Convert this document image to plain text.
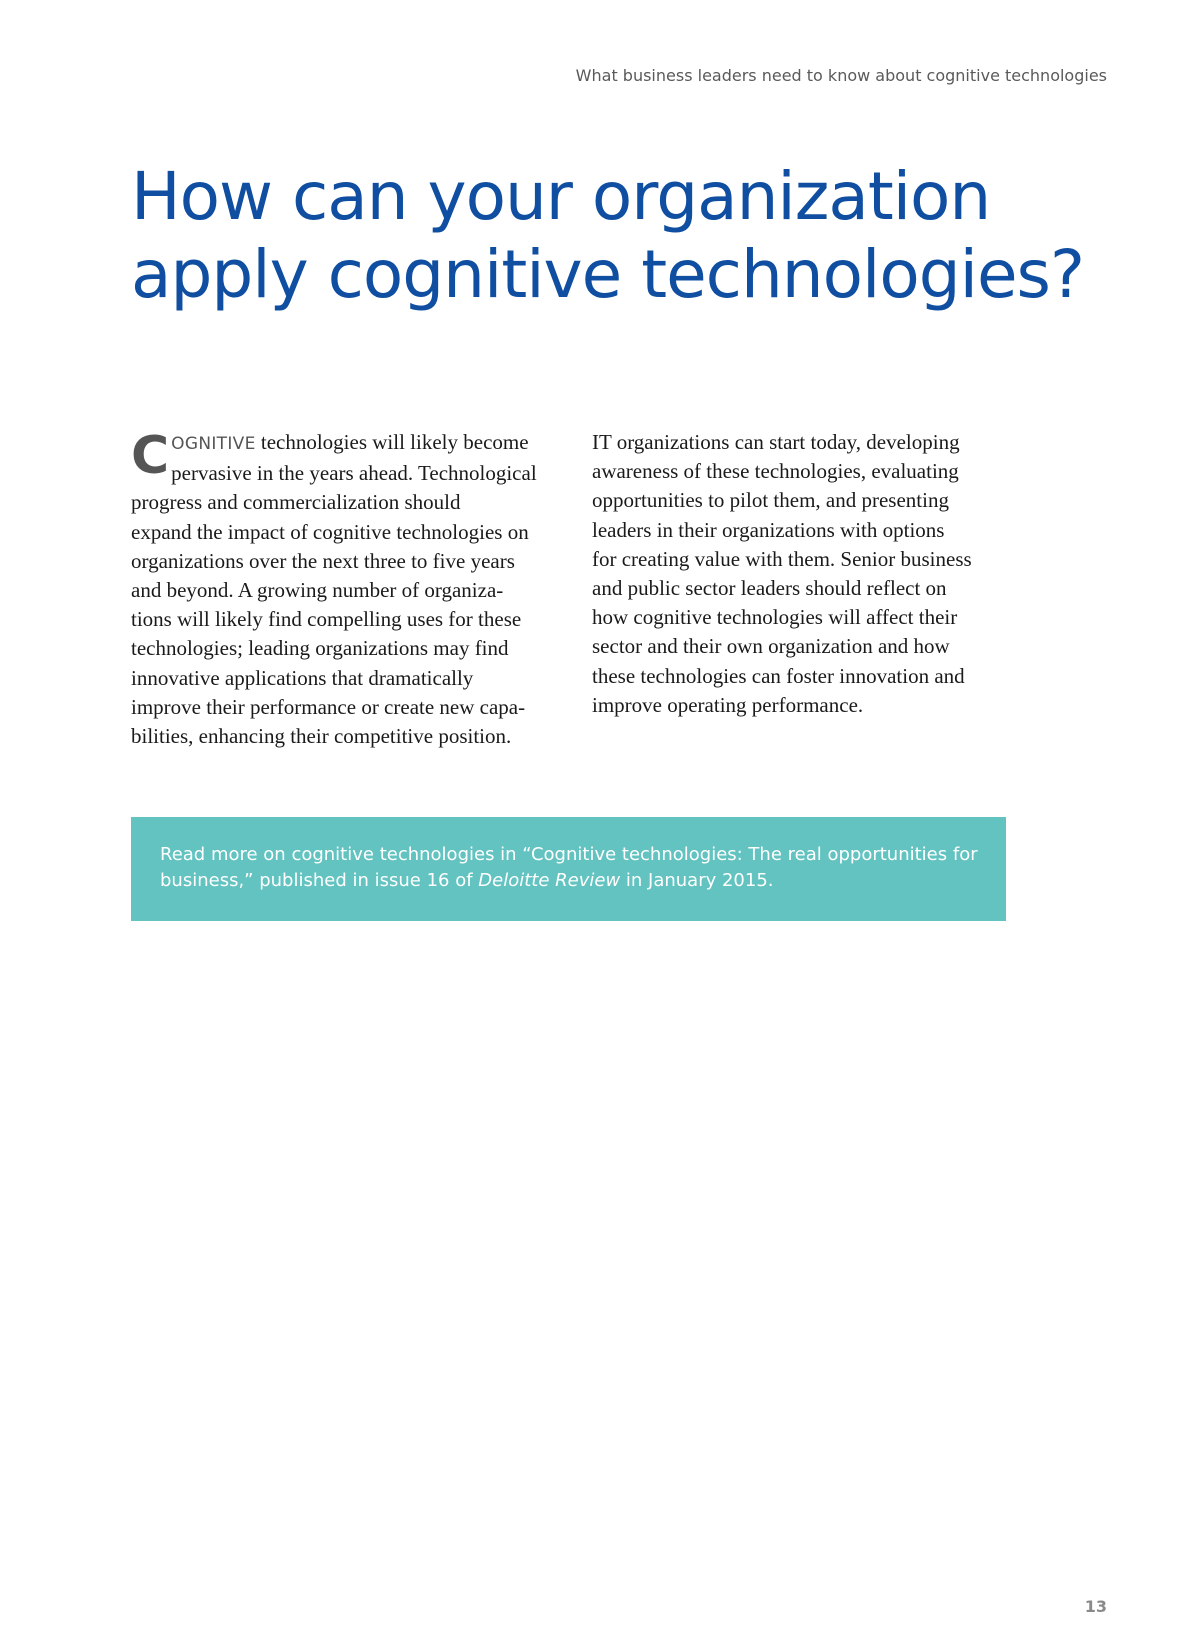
What business leaders need to know about cognitive technologies
How can your organization
apply cognitive technologies?
C OGNITIVE technologies will likely become
pervasive in the years ahead. Technological
progress and commercialization should
expand the impact of cognitive technologies on
organizations over the next three to five years
and beyond. A growing number of organiza-
tions will likely find compelling uses for these
technologies; leading organizations may find
innovative applications that dramatically
improve their performance or create new capa-
bilities, enhancing their competitive position.
IT organizations can start today, developing
awareness of these technologies, evaluating
opportunities to pilot them, and presenting
leaders in their organizations with options
for creating value with them. Senior business
and public sector leaders should reflect on
how cognitive technologies will affect their
sector and their own organization and how
these technologies can foster innovation and
improve operating performance.
Read more on cognitive technologies in “Cognitive technologies: The real opportunities for
business,” published in issue 16 of Deloitte Review in January 2015.
13
